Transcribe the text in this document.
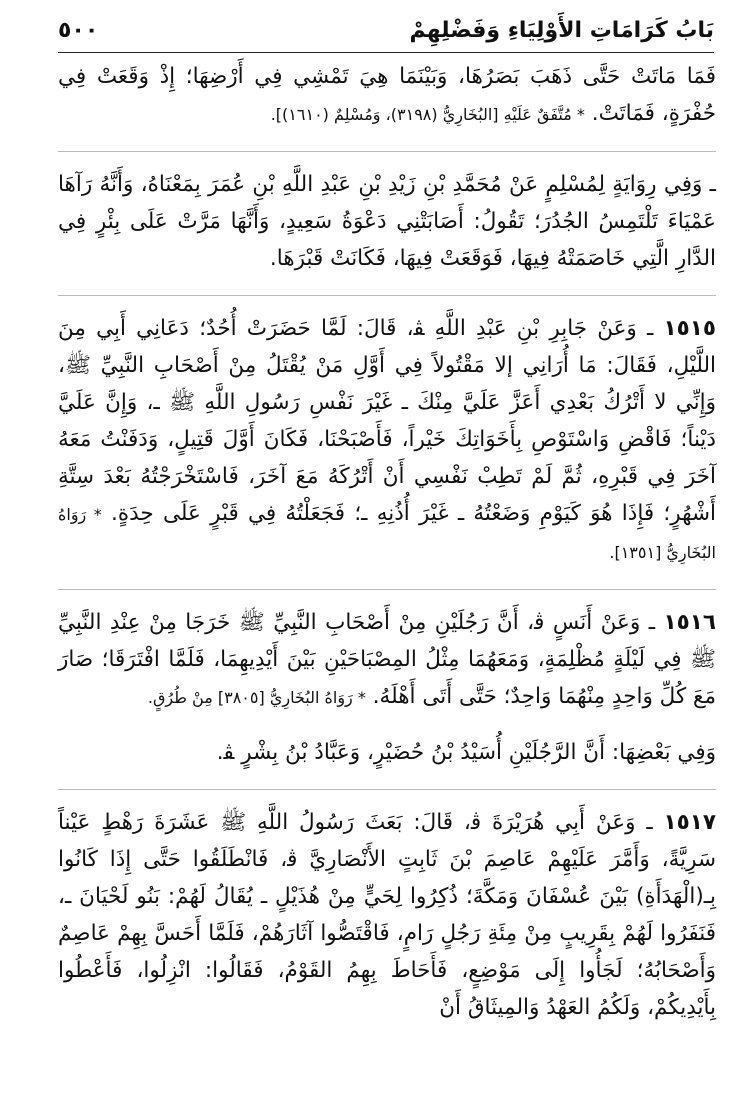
بَابُ كَرَامَاتِ الأَوْلِيَاءِ وَفَضْلِهِمْ
٥٠٠

فَمَا مَاتَتْ حَتَّى ذَهَبَ بَصَرُهَا، وَبَيْنَمَا هِيَ تَمْشِي فِي أَرْضِهَا؛ إِذْ وَقَعَتْ فِي حُفْرَةٍ، فَمَاتَتْ. * مُتَّفَقٌ عَلَيْهِ [البُخَارِيُّ (٣١٩٨)، وَمُسْلِمٌ (١٦١٠)].

ـ وَفِي رِوَايَةٍ لِمُسْلِمٍ عَنْ مُحَمَّدِ بْنِ زَيْدِ بْنِ عَبْدِ اللَّهِ بْنِ عُمَرَ بِمَعْنَاهُ، وَأَنَّهُ رَآهَا عَمْيَاءَ تَلْتَمِسُ الجُدُرَ؛ تَقُولُ: أَصَابَتْنِي دَعْوَةُ سَعِيدٍ، وَأَنَّهَا مَرَّتْ عَلَى بِئْرٍ فِي الدَّارِ الَّتِي خَاصَمَتْهُ فِيهَا، فَوَقَعَتْ فِيهَا، فَكَانَتْ قَبْرَهَا.

١٥١٥ ـ وَعَنْ جَابِرِ بْنِ عَبْدِ اللَّهِ ﭭ، قَالَ: لَمَّا حَضَرَتْ أُحُدٌ؛ دَعَانِي أَبِي مِنَ اللَّيْلِ، فَقَالَ: مَا أُرَانِي إلا مَقْتُولاً فِي أَوَّلِ مَنْ يُقْتَلُ مِنْ أَصْحَابِ النَّبِيِّ ﷺ، وَإِنِّي لا أَتْرُكُ بَعْدِي أَعَزَّ عَلَيَّ مِنْكَ ـ غَيْرَ نَفْسِ رَسُولِ اللَّهِ ﷺ ـ، وَإِنَّ عَلَيَّ دَيْناً؛ فَاقْضِ وَاسْتَوْصِ بِأَخَوَاتِكَ خَيْراً، فَأَصْبَحْنَا، فَكَانَ أَوَّلَ قَتِيلٍ، وَدَفَنْتُ مَعَهُ آخَرَ فِي قَبْرِهِ، ثُمَّ لَمْ تَطِبْ نَفْسِي أَنْ أَتْرُكَهُ مَعَ آخَرَ، فَاسْتَخْرَجْتُهُ بَعْدَ سِتَّةِ أَشْهُرٍ؛ فَإِذَا هُوَ كَيَوْمِ وَضَعْتُهُ ـ غَيْرَ أُذُنِهِ ـ؛ فَجَعَلْتُهُ فِي قَبْرٍ عَلَى حِدَةٍ. * رَوَاهُ البُخَارِيُّ [١٣٥١].

١٥١٦ ـ وَعَنْ أَنَسٍ ﭬ، أَنَّ رَجُلَيْنِ مِنْ أَصْحَابِ النَّبِيِّ ﷺ خَرَجَا مِنْ عِنْدِ النَّبِيِّ ﷺ فِي لَيْلَةٍ مُظْلِمَةٍ، وَمَعَهُمَا مِثْلُ المِصْبَاحَيْنِ بَيْنَ أَيْدِيهِمَا، فَلَمَّا افْتَرَقَا؛ صَارَ مَعَ كُلِّ وَاحِدٍ مِنْهُمَا وَاحِدٌ؛ حَتَّى أَتَى أَهْلَهُ. * رَوَاهُ البُخَارِيُّ [٣٨٠٥] مِنْ طُرُقٍ.

وَفِي بَعْضِهَا: أَنَّ الرَّجُلَيْنِ أُسَيْدُ بْنُ حُضَيْرٍ، وَعَبَّادُ بْنُ بِشْرٍ ﭭ.

١٥١٧ ـ وَعَنْ أَبِي هُرَيْرَةَ ﭬ، قَالَ: بَعَثَ رَسُولُ اللَّهِ ﷺ عَشَرَةَ رَهْطٍ عَيْناً سَرِيَّةً، وَأَمَّرَ عَلَيْهِمْ عَاصِمَ بْنَ ثَابِتٍ الأَنْصَارِيَّ ﭬ، فَانْطَلَقُوا حَتَّى إِذَا كَانُوا بِـ(الْهَدَأَةِ) بَيْنَ عُسْفَانَ وَمَكَّةَ؛ ذُكِرُوا لِحَيٍّ مِنْ هُذَيْلٍ ـ يُقَالُ لَهُمْ: بَنُو لَحْيَانَ ـ، فَنَفَرُوا لَهُمْ بِقَرِيبٍ مِنْ مِئَةِ رَجُلٍ رَامٍ، فَاقْتَصُّوا آثَارَهُمْ، فَلَمَّا أَحَسَّ بِهِمْ عَاصِمٌ وَأَصْحَابُهُ؛ لَجَأُوا إِلَى مَوْضِعٍ، فَأَحَاطَ بِهِمُ القَوْمُ، فَقَالُوا: انْزِلُوا، فَأَعْطُوا بِأَيْدِيكُمْ، وَلَكُمُ العَهْدُ وَالمِيثَاقُ أَنْ
